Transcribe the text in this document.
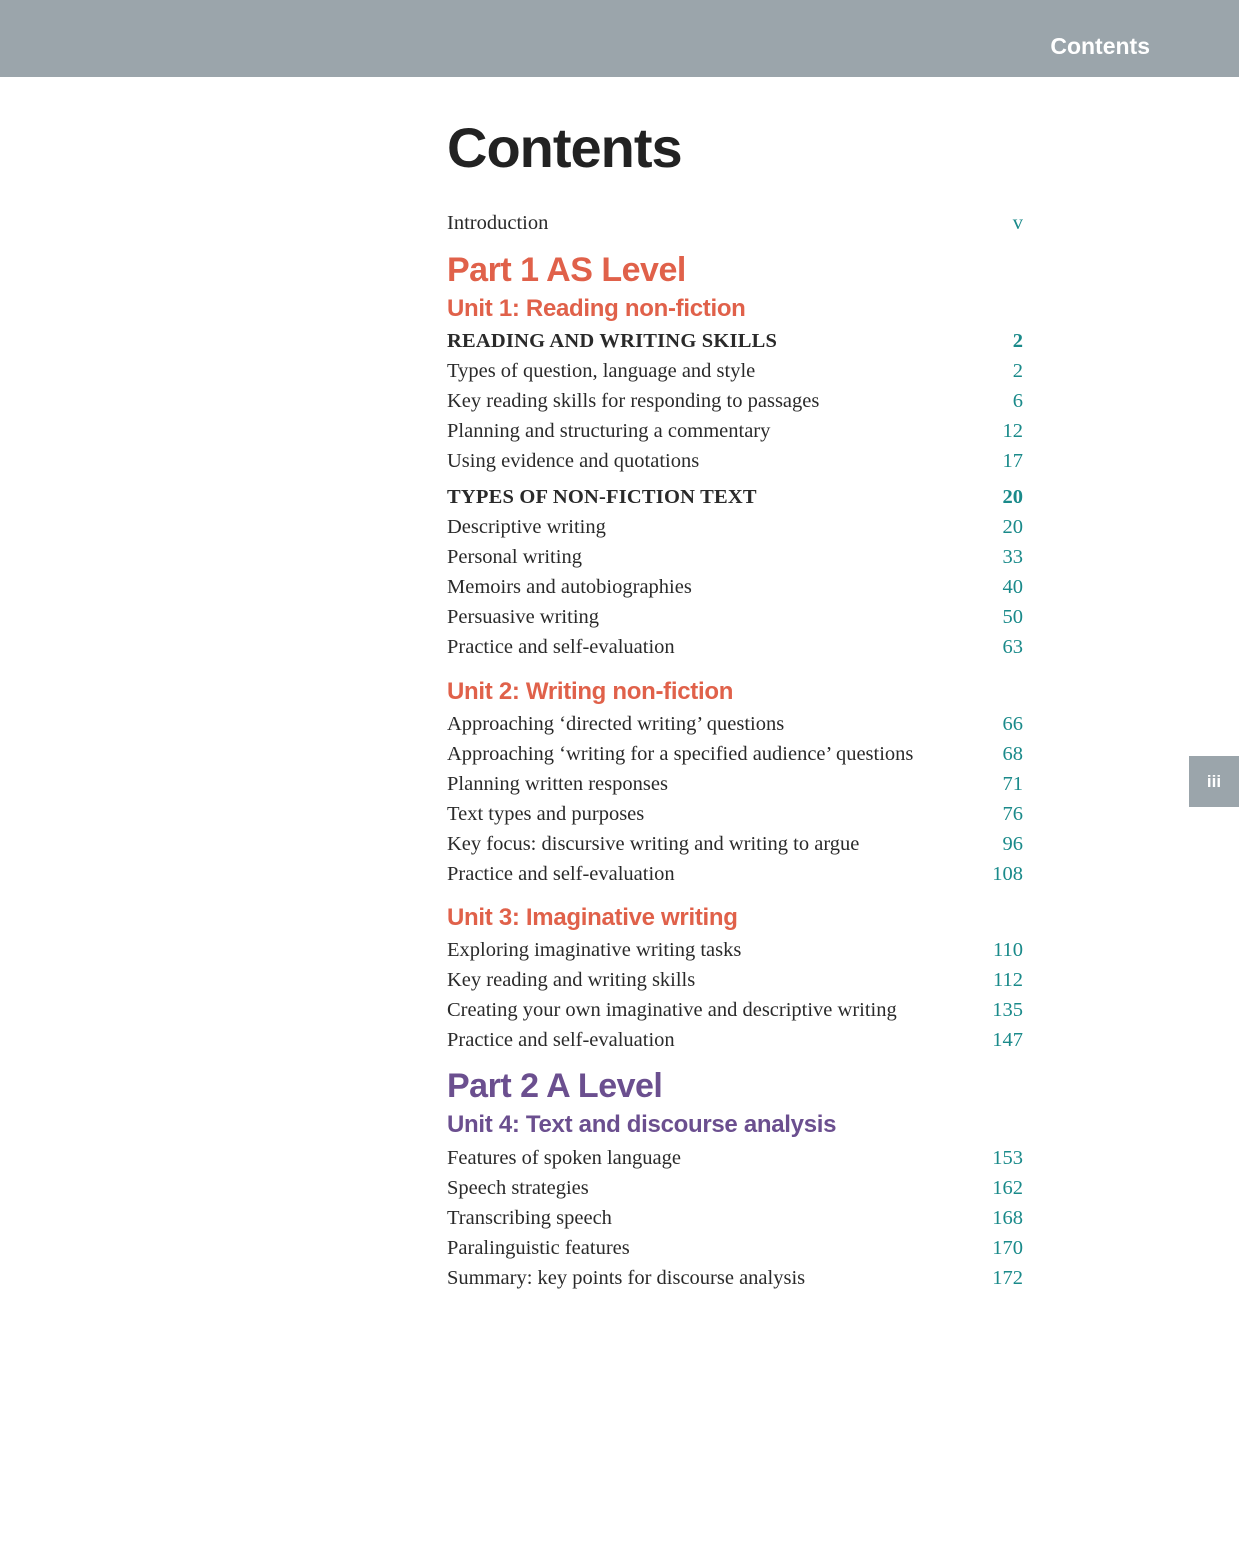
Contents
iii
Contents
Introduction	v
Part 1 AS Level
Unit 1: Reading non-fiction
READING AND WRITING SKILLS	2
Types of question, language and style	2
Key reading skills for responding to passages	6
Planning and structuring a commentary	12
Using evidence and quotations	17
TYPES OF NON-FICTION TEXT	20
Descriptive writing	20
Personal writing	33
Memoirs and autobiographies	40
Persuasive writing	50
Practice and self-evaluation	63
Unit 2: Writing non-fiction
Approaching ‘directed writing’ questions	66
Approaching ‘writing for a specified audience’ questions	68
Planning written responses	71
Text types and purposes	76
Key focus: discursive writing and writing to argue	96
Practice and self-evaluation	108
Unit 3: Imaginative writing
Exploring imaginative writing tasks	110
Key reading and writing skills	112
Creating your own imaginative and descriptive writing	135
Practice and self-evaluation	147
Part 2 A Level
Unit 4: Text and discourse analysis
Features of spoken language	153
Speech strategies	162
Transcribing speech	168
Paralinguistic features	170
Summary: key points for discourse analysis	172
